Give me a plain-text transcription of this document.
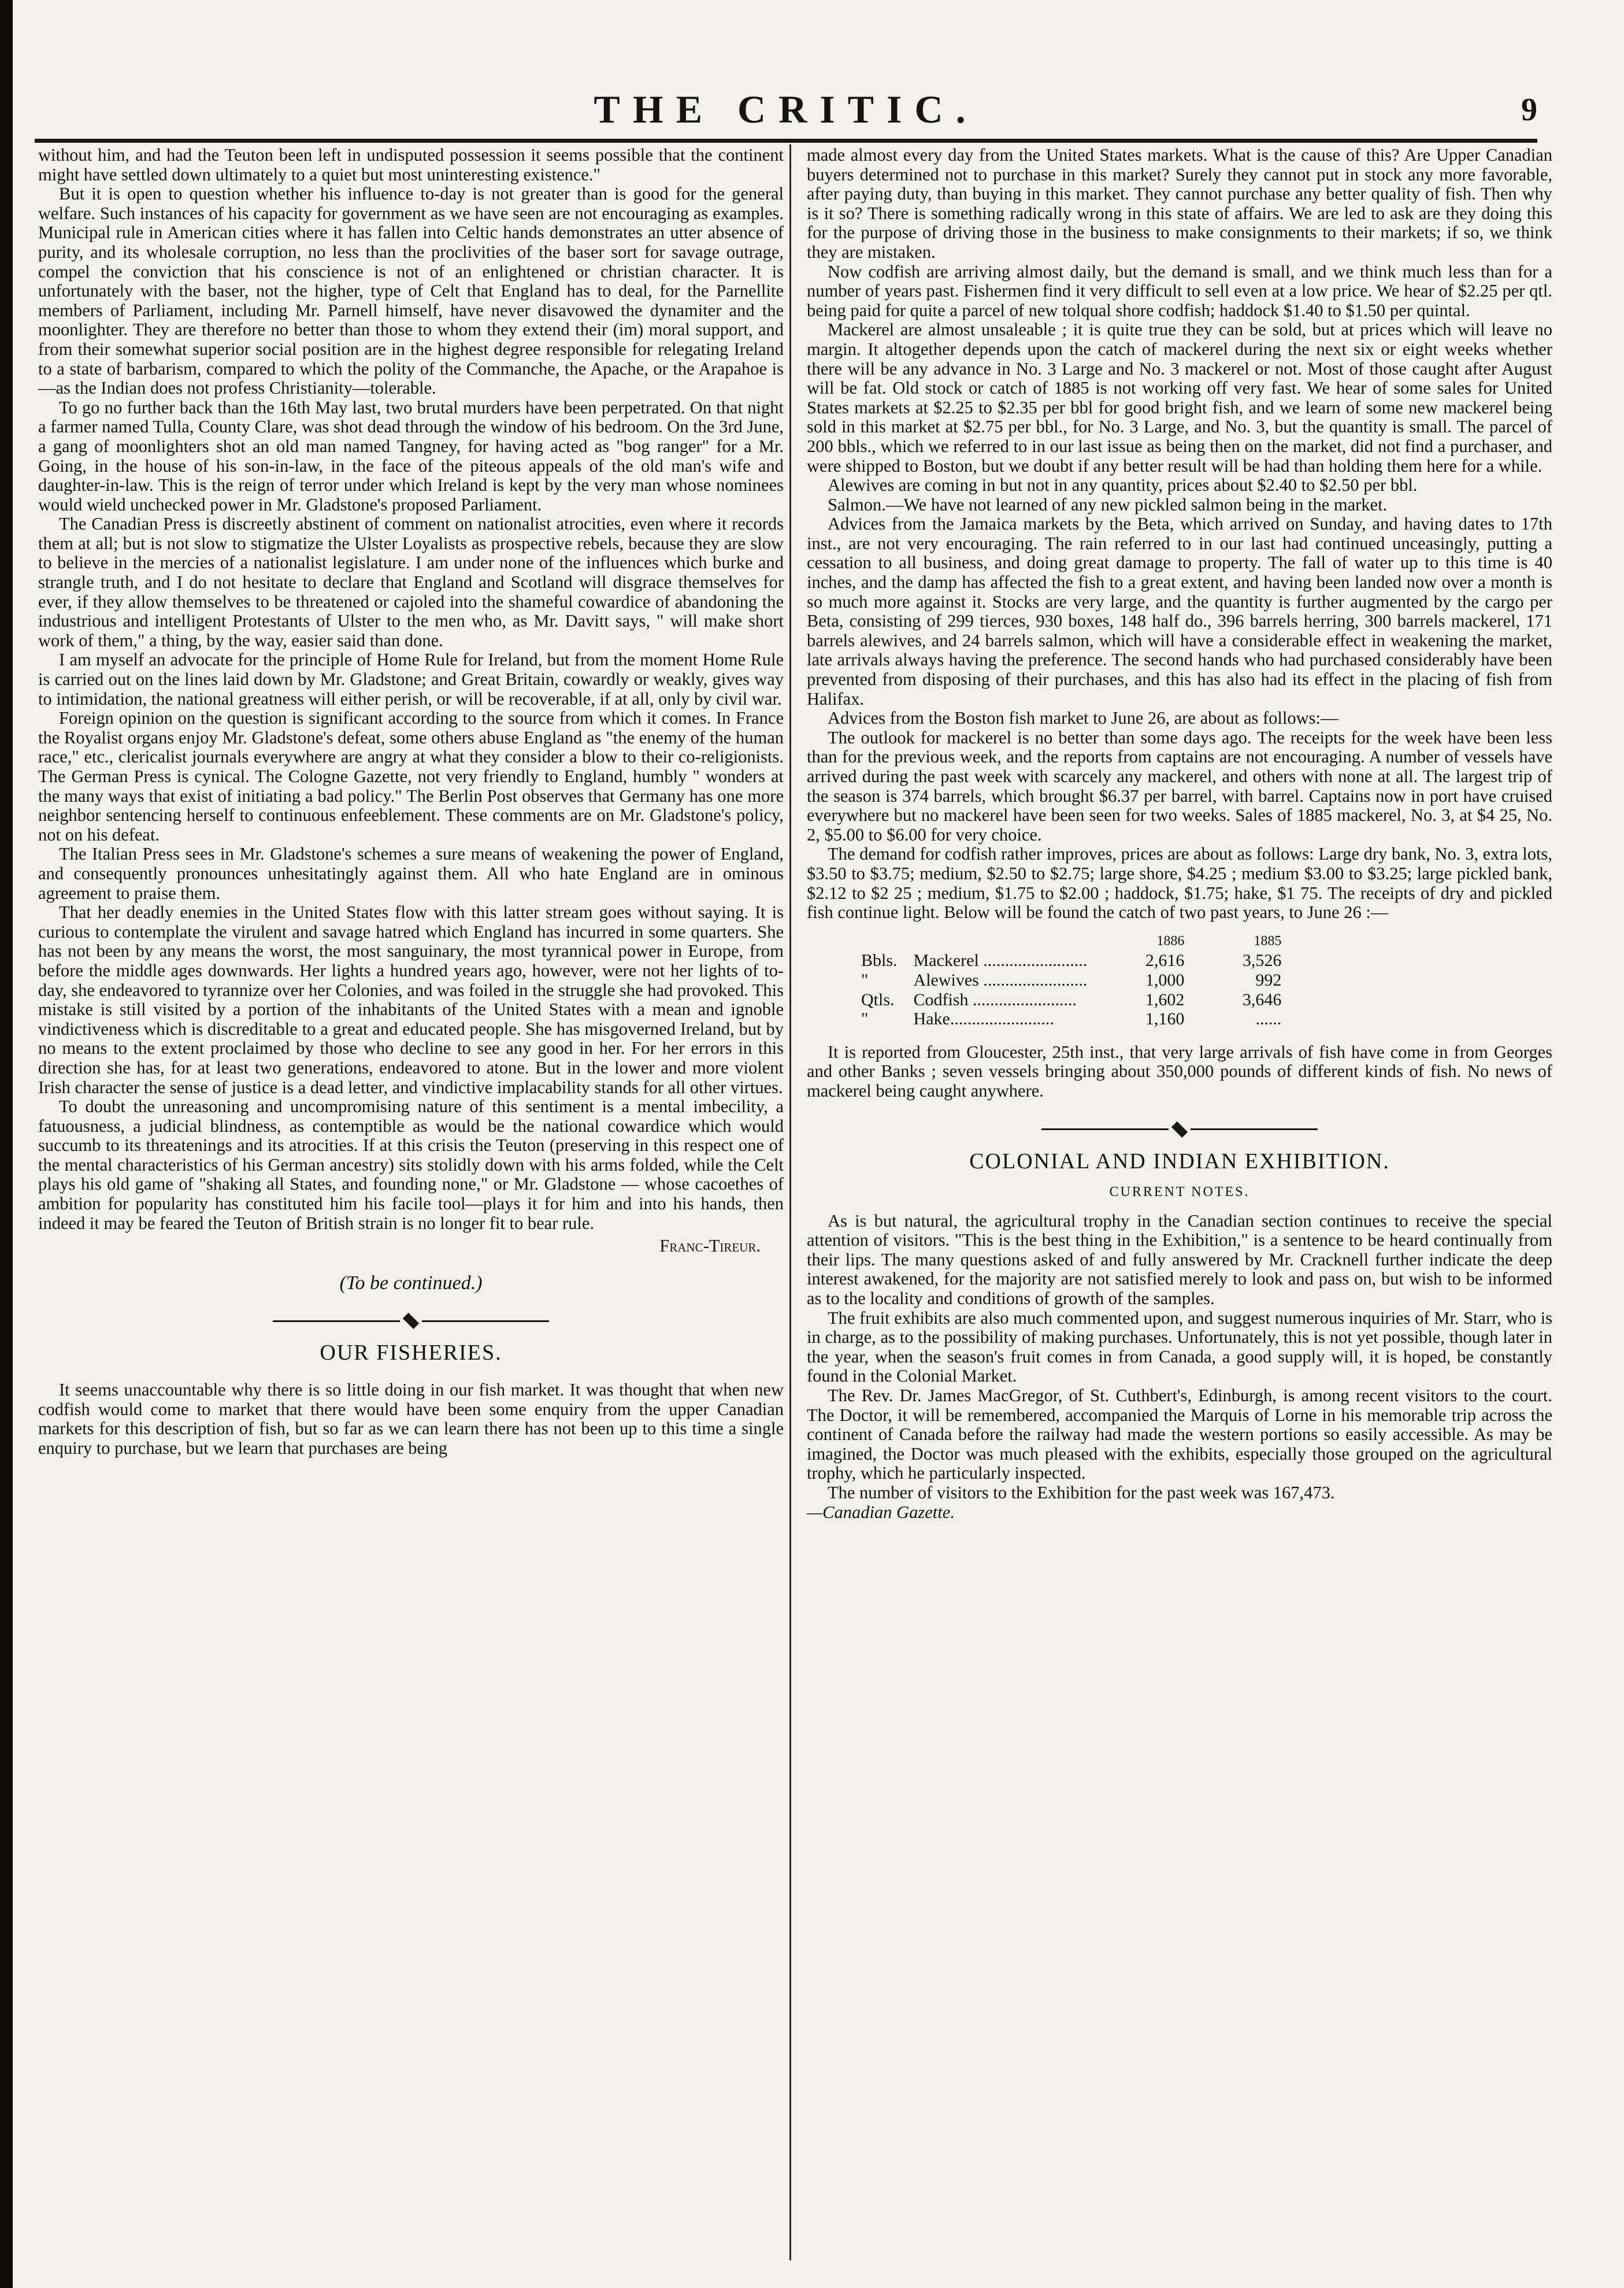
THE CRITIC.	9

without him, and had the Teuton been left in undisputed possession it seems possible that the continent might have settled down ultimately to a quiet but most uninteresting existence."

But it is open to question whether his influence to-day is not greater than is good for the general welfare. Such instances of his capacity for government as we have seen are not encouraging as examples. Municipal rule in American cities where it has fallen into Celtic hands demonstrates an utter absence of purity, and its wholesale corruption, no less than the proclivities of the baser sort for savage outrage, compel the conviction that his conscience is not of an enlightened or christian character. It is unfortunately with the baser, not the higher, type of Celt that England has to deal, for the Parnellite members of Parliament, including Mr. Parnell himself, have never disavowed the dynamiter and the moonlighter. They are therefore no better than those to whom they extend their (im) moral support, and from their somewhat superior social position are in the highest degree responsible for relegating Ireland to a state of barbarism, compared to which the polity of the Commanche, the Apache, or the Arapahoe is—as the Indian does not profess Christianity—tolerable.

To go no further back than the 16th May last, two brutal murders have been perpetrated. On that night a farmer named Tulla, County Clare, was shot dead through the window of his bedroom. On the 3rd June, a gang of moonlighters shot an old man named Tangney, for having acted as "bog ranger" for a Mr. Going, in the house of his son-in-law, in the face of the piteous appeals of the old man's wife and daughter-in-law. This is the reign of terror under which Ireland is kept by the very man whose nominees would wield unchecked power in Mr. Gladstone's proposed Parliament.

The Canadian Press is discreetly abstinent of comment on nationalist atrocities, even where it records them at all; but is not slow to stigmatize the Ulster Loyalists as prospective rebels, because they are slow to believe in the mercies of a nationalist legislature. I am under none of the influences which burke and strangle truth, and I do not hesitate to declare that England and Scotland will disgrace themselves for ever, if they allow themselves to be threatened or cajoled into the shameful cowardice of abandoning the industrious and intelligent Protestants of Ulster to the men who, as Mr. Davitt says, " will make short work of them," a thing, by the way, easier said than done.

I am myself an advocate for the principle of Home Rule for Ireland, but from the moment Home Rule is carried out on the lines laid down by Mr. Gladstone; and Great Britain, cowardly or weakly, gives way to intimidation, the national greatness will either perish, or will be recoverable, if at all, only by civil war.

Foreign opinion on the question is significant according to the source from which it comes. In France the Royalist organs enjoy Mr. Gladstone's defeat, some others abuse England as "the enemy of the human race," etc., clericalist journals everywhere are angry at what they consider a blow to their co-religionists. The German Press is cynical. The Cologne Gazette, not very friendly to England, humbly " wonders at the many ways that exist of initiating a bad policy." The Berlin Post observes that Germany has one more neighbor sentencing herself to continuous enfeeblement. These comments are on Mr. Gladstone's policy, not on his defeat.

The Italian Press sees in Mr. Gladstone's schemes a sure means of weakening the power of England, and consequently pronounces unhesitatingly against them. All who hate England are in ominous agreement to praise them.

That her deadly enemies in the United States flow with this latter stream goes without saying. It is curious to contemplate the virulent and savage hatred which England has incurred in some quarters. She has not been by any means the worst, the most sanguinary, the most tyrannical power in Europe, from before the middle ages downwards. Her lights a hundred years ago, however, were not her lights of to-day, she endeavored to tyrannize over her Colonies, and was foiled in the struggle she had provoked. This mistake is still visited by a portion of the inhabitants of the United States with a mean and ignoble vindictiveness which is discreditable to a great and educated people. She has misgoverned Ireland, but by no means to the extent proclaimed by those who decline to see any good in her. For her errors in this direction she has, for at least two generations, endeavored to atone. But in the lower and more violent Irish character the sense of justice is a dead letter, and vindictive implacability stands for all other virtues.

To doubt the unreasoning and uncompromising nature of this sentiment is a mental imbecility, a fatuousness, a judicial blindness, as contemptible as would be the national cowardice which would succumb to its threatenings and its atrocities. If at this crisis the Teuton (preserving in this respect one of the mental characteristics of his German ancestry) sits stolidly down with his arms folded, while the Celt plays his old game of "shaking all States, and founding none," or Mr. Gladstone — whose cacoethes of ambition for popularity has constituted him his facile tool—plays it for him and into his hands, then indeed it may be feared the Teuton of British strain is no longer fit to bear rule.

Franc-Tireur.
(To be continued.)
OUR FISHERIES.

It seems unaccountable why there is so little doing in our fish market. It was thought that when new codfish would come to market that there would have been some enquiry from the upper Canadian markets for this description of fish, but so far as we can learn there has not been up to this time a single enquiry to purchase, but we learn that purchases are being

made almost every day from the United States markets. What is the cause of this? Are Upper Canadian buyers determined not to purchase in this market? Surely they cannot put in stock any more favorable, after paying duty, than buying in this market. They cannot purchase any better quality of fish. Then why is it so? There is something radically wrong in this state of affairs. We are led to ask are they doing this for the purpose of driving those in the business to make consignments to their markets; if so, we think they are mistaken.

Now codfish are arriving almost daily, but the demand is small, and we think much less than for a number of years past. Fishermen find it very difficult to sell even at a low price. We hear of $2.25 per qtl. being paid for quite a parcel of new tolqual shore codfish; haddock $1.40 to $1.50 per quintal.

Mackerel are almost unsaleable ; it is quite true they can be sold, but at prices which will leave no margin. It altogether depends upon the catch of mackerel during the next six or eight weeks whether there will be any advance in No. 3 Large and No. 3 mackerel or not. Most of those caught after August will be fat. Old stock or catch of 1885 is not working off very fast. We hear of some sales for United States markets at $2.25 to $2.35 per bbl for good bright fish, and we learn of some new mackerel being sold in this market at $2.75 per bbl., for No. 3 Large, and No. 3, but the quantity is small. The parcel of 200 bbls., which we referred to in our last issue as being then on the market, did not find a purchaser, and were shipped to Boston, but we doubt if any better result will be had than holding them here for a while.

Alewives are coming in but not in any quantity, prices about $2.40 to $2.50 per bbl.

Salmon.—We have not learned of any new pickled salmon being in the market.

Advices from the Jamaica markets by the Beta, which arrived on Sunday, and having dates to 17th inst., are not very encouraging. The rain referred to in our last had continued unceasingly, putting a cessation to all business, and doing great damage to property. The fall of water up to this time is 40 inches, and the damp has affected the fish to a great extent, and having been landed now over a month is so much more against it. Stocks are very large, and the quantity is further augmented by the cargo per Beta, consisting of 299 tierces, 930 boxes, 148 half do., 396 barrels herring, 300 barrels mackerel, 171 barrels alewives, and 24 barrels salmon, which will have a considerable effect in weakening the market, late arrivals always having the preference. The second hands who had purchased considerably have been prevented from disposing of their purchases, and this has also had its effect in the placing of fish from Halifax.

Advices from the Boston fish market to June 26, are about as follows:—

The outlook for mackerel is no better than some days ago. The receipts for the week have been less than for the previous week, and the reports from captains are not encouraging. A number of vessels have arrived during the past week with scarcely any mackerel, and others with none at all. The largest trip of the season is 374 barrels, which brought $6.37 per barrel, with barrel. Captains now in port have cruised everywhere but no mackerel have been seen for two weeks. Sales of 1885 mackerel, No. 3, at $4 25, No. 2, $5.00 to $6.00 for very choice.

The demand for codfish rather improves, prices are about as follows: Large dry bank, No. 3, extra lots, $3.50 to $3.75; medium, $2.50 to $2.75; large shore, $4.25 ; medium $3.00 to $3.25; large pickled bank, $2.12 to $2 25 ; medium, $1.75 to $2.00 ; haddock, $1.75; hake, $1 75. The receipts of dry and pickled fish continue light. Below will be found the catch of two past years, to June 26 :—

		1886	1885
Bbls.	Mackerel ........................	2,616	3,526
"	Alewives ........................	1,000	992
Qtls.	Codfish ........................	1,602	3,646
"	Hake........................	1,160	......

It is reported from Gloucester, 25th inst., that very large arrivals of fish have come in from Georges and other Banks ; seven vessels bringing about 350,000 pounds of different kinds of fish. No news of mackerel being caught anywhere.

COLONIAL AND INDIAN EXHIBITION.
CURRENT NOTES.

As is but natural, the agricultural trophy in the Canadian section continues to receive the special attention of visitors. "This is the best thing in the Exhibition," is a sentence to be heard continually from their lips. The many questions asked of and fully answered by Mr. Cracknell further indicate the deep interest awakened, for the majority are not satisfied merely to look and pass on, but wish to be informed as to the locality and conditions of growth of the samples.

The fruit exhibits are also much commented upon, and suggest numerous inquiries of Mr. Starr, who is in charge, as to the possibility of making purchases. Unfortunately, this is not yet possible, though later in the year, when the season's fruit comes in from Canada, a good supply will, it is hoped, be constantly found in the Colonial Market.

The Rev. Dr. James MacGregor, of St. Cuthbert's, Edinburgh, is among recent visitors to the court. The Doctor, it will be remembered, accompanied the Marquis of Lorne in his memorable trip across the continent of Canada before the railway had made the western portions so easily accessible. As may be imagined, the Doctor was much pleased with the exhibits, especially those grouped on the agricultural trophy, which he particularly inspected.

The number of visitors to the Exhibition for the past week was 167,473.

—Canadian Gazette.
